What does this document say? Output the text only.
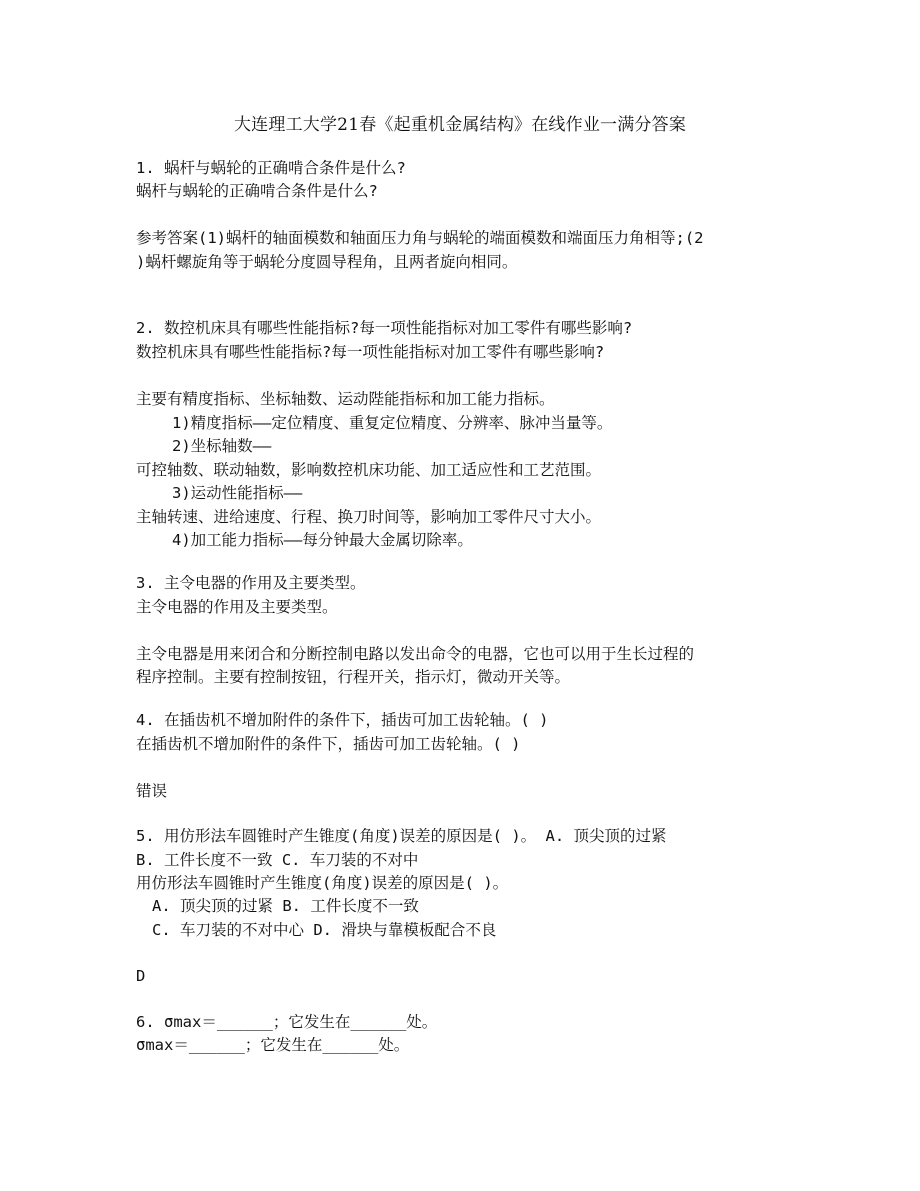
大连理工大学21春《起重机金属结构》在线作业一满分答案
1. 蜗杆与蜗轮的正确啃合条件是什么?
蜗杆与蜗轮的正确啃合条件是什么?
参考答案(1)蜗杆的轴面模数和轴面压力角与蜗轮的端面模数和端面压力角相等;(2
)蜗杆螺旋角等于蜗轮分度圆导程角，且两者旋向相同。
2. 数控机床具有哪些性能指标?每一项性能指标对加工零件有哪些影响?
数控机床具有哪些性能指标?每一项性能指标对加工零件有哪些影响?
主要有精度指标、坐标轴数、运动陛能指标和加工能力指标。
1)精度指标——定位精度、重复定位精度、分辨率、脉冲当量等。
2)坐标轴数——
可控轴数、联动轴数，影响数控机床功能、加工适应性和工艺范围。
3)运动性能指标——
主轴转速、进给速度、行程、换刀时间等，影响加工零件尺寸大小。
4)加工能力指标——每分钟最大金属切除率。
3. 主令电器的作用及主要类型。
主令电器的作用及主要类型。
主令电器是用来闭合和分断控制电路以发出命令的电器，它也可以用于生长过程的
程序控制。主要有控制按钮，行程开关，指示灯，微动开关等。
4. 在插齿机不增加附件的条件下，插齿可加工齿轮轴。( )
在插齿机不增加附件的条件下，插齿可加工齿轮轴。( )
错误
5. 用仿形法车圆锥时产生锥度(角度)误差的原因是( )。 A. 顶尖顶的过紧
B. 工件长度不一致 C. 车刀装的不对中
用仿形法车圆锥时产生锥度(角度)误差的原因是( )。
A. 顶尖顶的过紧 B. 工件长度不一致
C. 车刀装的不对中心 D. 滑块与靠模板配合不良
D
6. σmax＝______；它发生在______处。
σmax＝______；它发生在______处。
